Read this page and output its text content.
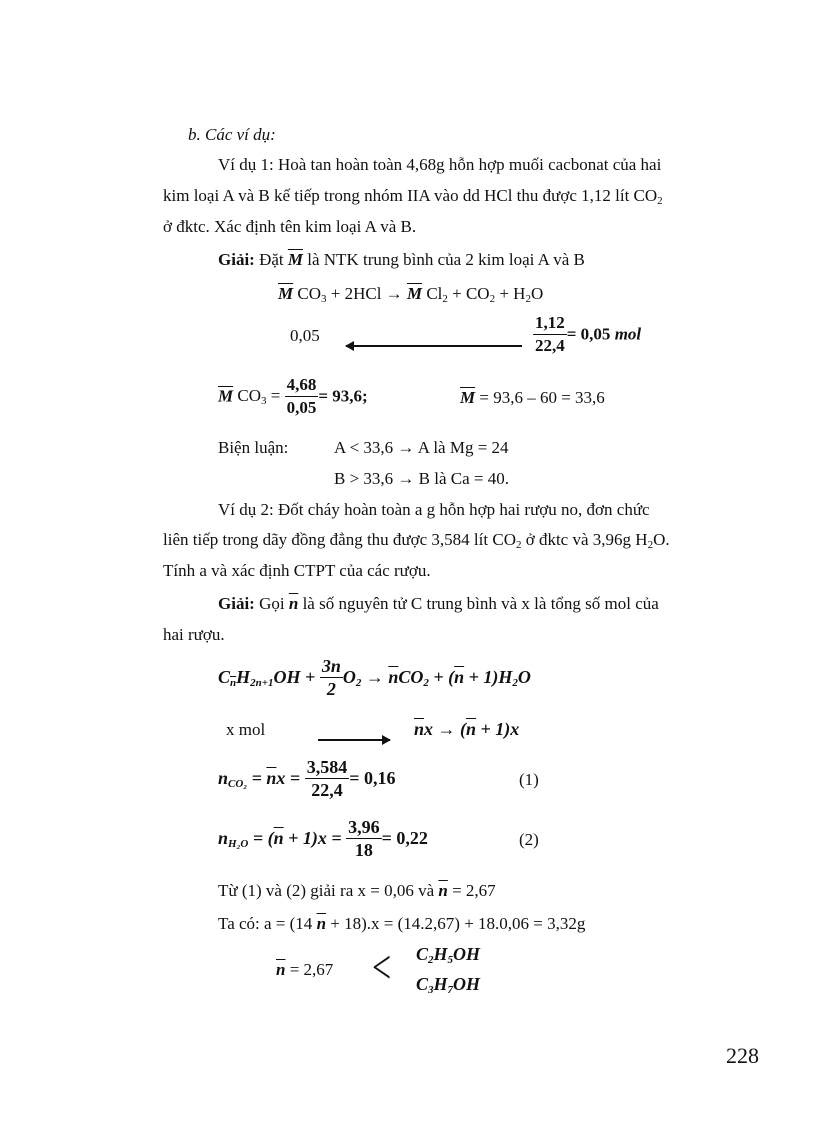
b. Các ví dụ:
Ví dụ 1: Hoà tan hoàn toàn 4,68g hỗn hợp muối cacbonat của hai
kim loại A và B kế tiếp trong nhóm IIA vào dd HCl thu được 1,12 lít $CO_2$
ở đktc. Xác định tên kim loại A và B.
Giải: Đặt $\overline{M}$ là NTK trung bình của 2 kim loại A và B
$\overline{M}$ $CO_3 + 2HCl \to \overline{M}$ $Cl_2 + CO_2 + H_2O$
0,05	$\frac{1,12}{22,4} = 0,05$ mol
$\overline{M}$ $CO_3 = \frac{4,68}{0,05} = 93,6$;	$\overline{M} = 93,6 - 60 = 33,6$
Biện luận:	A < 33,6 → A là Mg = 24
B > 33,6 → B là Ca = 40.
Ví dụ 2: Đốt cháy hoàn toàn a g hỗn hợp hai rượu no, đơn chức
liên tiếp trong dãy đồng đẳng thu được 3,584 lít $CO_2$ ở đktc và 3,96g $H_2O$.
Tính a và xác định CTPT của các rượu.
Giải: Gọi $\overline{n}$ là số nguyên tử C trung bình và x là tổng số mol của
hai rượu.
$C_{\overline{n}}H_{2n+1}OH + \frac{3n}{2} O_2 \to \overline{n}CO_2 + (\overline{n} + 1)H_2O$
x mol	$\overline{n}x \to (\overline{n} + 1)x$
$n_{CO_2} = \overline{n}x = \frac{3,584}{22,4} = 0,16$	(1)
$n_{H_2O} = (\overline{n} + 1)x = \frac{3,96}{18} = 0,22$	(2)
Từ (1) và (2) giải ra x = 0,06 và $\overline{n} = 2,67$
Ta có: a = (14 $\overline{n} + 18).x = (14.2,67) + 18.0,06 = 3,32g$
$\overline{n} = 2,67 < C_2H_5OH$
$C_3H_7OH$
228
